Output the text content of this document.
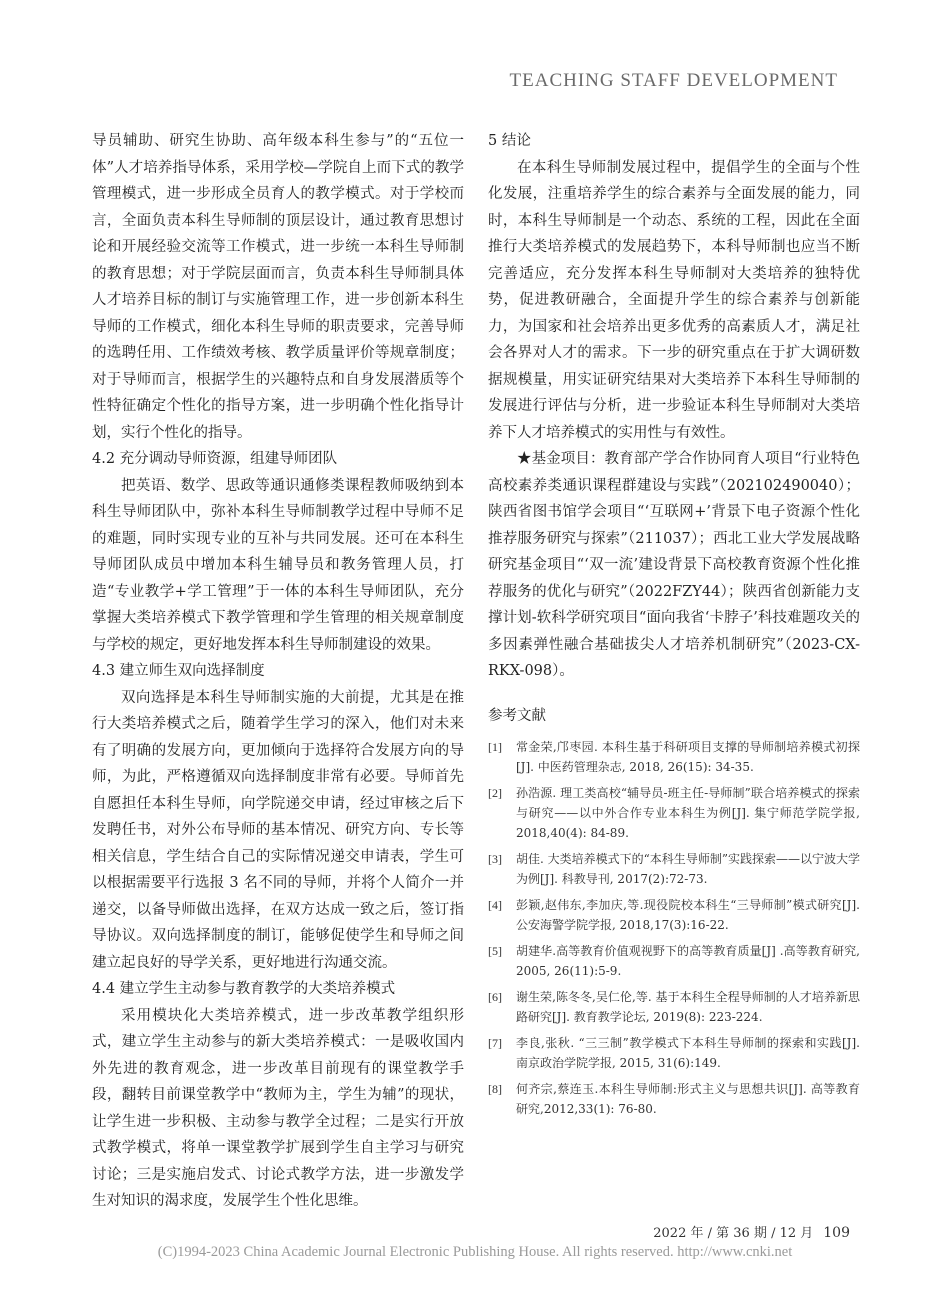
TEACHING STAFF DEVELOPMENT

导员辅助、研究生协助、高年级本科生参与”的“五位一体”人才培养指导体系，采用学校—学院自上而下式的教学管理模式，进一步形成全员育人的教学模式。对于学校而言，全面负责本科生导师制的顶层设计，通过教育思想讨论和开展经验交流等工作模式，进一步统一本科生导师制的教育思想；对于学院层面而言，负责本科生导师制具体人才培养目标的制订与实施管理工作，进一步创新本科生导师的工作模式，细化本科生导师的职责要求，完善导师的选聘任用、工作绩效考核、教学质量评价等规章制度；对于导师而言，根据学生的兴趣特点和自身发展潜质等个性特征确定个性化的指导方案，进一步明确个性化指导计划，实行个性化的指导。

4.2 充分调动导师资源，组建导师团队

把英语、数学、思政等通识通修类课程教师吸纳到本科生导师团队中，弥补本科生导师制教学过程中导师不足的难题，同时实现专业的互补与共同发展。还可在本科生导师团队成员中增加本科生辅导员和教务管理人员，打造“专业教学+学工管理”于一体的本科生导师团队，充分掌握大类培养模式下教学管理和学生管理的相关规章制度与学校的规定，更好地发挥本科生导师制建设的效果。

4.3 建立师生双向选择制度

双向选择是本科生导师制实施的大前提，尤其是在推行大类培养模式之后，随着学生学习的深入，他们对未来有了明确的发展方向，更加倾向于选择符合发展方向的导师，为此，严格遵循双向选择制度非常有必要。导师首先自愿担任本科生导师，向学院递交申请，经过审核之后下发聘任书，对外公布导师的基本情况、研究方向、专长等相关信息，学生结合自己的实际情况递交申请表，学生可以根据需要平行选报 3 名不同的导师，并将个人简介一并递交，以备导师做出选择，在双方达成一致之后，签订指导协议。双向选择制度的制订，能够促使学生和导师之间建立起良好的导学关系，更好地进行沟通交流。

4.4 建立学生主动参与教育教学的大类培养模式

采用模块化大类培养模式，进一步改革教学组织形式，建立学生主动参与的新大类培养模式：一是吸收国内外先进的教育观念，进一步改革目前现有的课堂教学手段，翻转目前课堂教学中“教师为主，学生为辅”的现状，让学生进一步积极、主动参与教学全过程；二是实行开放式教学模式，将单一课堂教学扩展到学生自主学习与研究讨论；三是实施启发式、讨论式教学方法，进一步激发学生对知识的渴求度，发展学生个性化思维。

5 结论

在本科生导师制发展过程中，提倡学生的全面与个性化发展，注重培养学生的综合素养与全面发展的能力，同时，本科生导师制是一个动态、系统的工程，因此在全面推行大类培养模式的发展趋势下，本科导师制也应当不断完善适应，充分发挥本科生导师制对大类培养的独特优势，促进教研融合，全面提升学生的综合素养与创新能力，为国家和社会培养出更多优秀的高素质人才，满足社会各界对人才的需求。下一步的研究重点在于扩大调研数据规模量，用实证研究结果对大类培养下本科生导师制的发展进行评估与分析，进一步验证本科生导师制对大类培养下人才培养模式的实用性与有效性。

★基金项目：教育部产学合作协同育人项目“行业特色高校素养类通识课程群建设与实践”（202102490040）；陕西省图书馆学会项目“‘互联网+’背景下电子资源个性化推荐服务研究与探索”（211037）；西北工业大学发展战略研究基金项目“‘双一流’建设背景下高校教育资源个性化推荐服务的优化与研究”（2022FZY44）；陕西省创新能力支撑计划-软科学研究项目“面向我省‘卡脖子’科技难题攻关的多因素弹性融合基础拔尖人才培养机制研究”（2023-CX-RKX-098）。

参考文献

[1]	常金荣,邝枣园. 本科生基于科研项目支撑的导师制培养模式初探[J]. 中医药管理杂志, 2018, 26(15): 34-35.
[2]	孙浩源. 理工类高校“辅导员-班主任-导师制”联合培养模式的探索与研究——以中外合作专业本科生为例[J]. 集宁师范学院学报, 2018,40(4): 84-89.
[3]	胡佳. 大类培养模式下的“本科生导师制”实践探索——以宁波大学为例[J]. 科教导刊, 2017(2):72-73.
[4]	彭颖,赵伟东,李加庆,等.现役院校本科生“三导师制”模式研究[J]. 公安海警学院学报, 2018,17(3):16-22.
[5]	胡建华.高等教育价值观视野下的高等教育质量[J] .高等教育研究, 2005, 26(11):5-9.
[6]	谢生荣,陈冬冬,吴仁伦,等. 基于本科生全程导师制的人才培养新思路研究[J]. 教育教学论坛, 2019(8): 223-224.
[7]	李良,张秋. “三三制”教学模式下本科生导师制的探索和实践[J]. 南京政治学院学报, 2015, 31(6):149.
[8]	何齐宗,蔡连玉.本科生导师制:形式主义与思想共识[J]. 高等教育研究,2012,33(1): 76-80.
2022 年 / 第 36 期 / 12 月 109
(C)1994-2023 China Academic Journal Electronic Publishing House. All rights reserved. http://www.cnki.net
